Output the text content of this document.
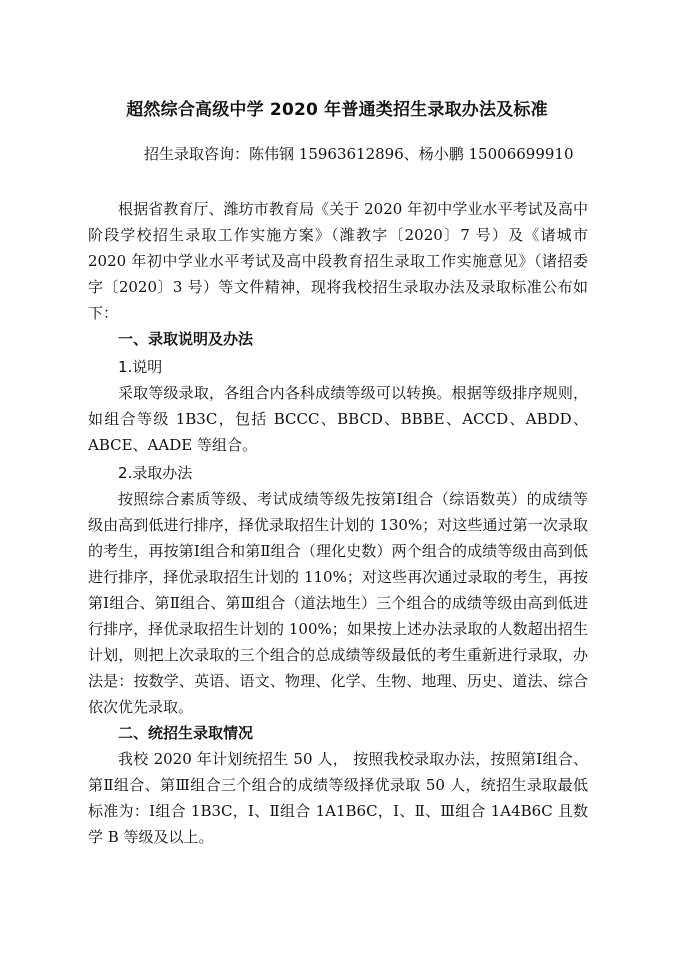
超然综合高级中学 2020 年普通类招生录取办法及标准
招生录取咨询：陈伟钢 15963612896、杨小鹏 15006699910

根据省教育厅、潍坊市教育局《关于 2020 年初中学业水平考试及高中阶段学校招生录取工作实施方案》（潍教字〔2020〕7 号）及《诸城市 2020 年初中学业水平考试及高中段教育招生录取工作实施意见》（诸招委字〔2020〕3 号）等文件精神，现将我校招生录取办法及录取标准公布如下：

一、录取说明及办法
1.说明

采取等级录取，各组合内各科成绩等级可以转换。根据等级排序规则，如组合等级 1B3C，包括 BCCC、BBCD、BBBE、ACCD、ABDD、ABCE、AADE 等组合。

2.录取办法

按照综合素质等级、考试成绩等级先按第Ⅰ组合（综语数英）的成绩等级由高到低进行排序，择优录取招生计划的 130%；对这些通过第一次录取的考生，再按第Ⅰ组合和第Ⅱ组合（理化史数）两个组合的成绩等级由高到低进行排序，择优录取招生计划的 110%；对这些再次通过录取的考生，再按第Ⅰ组合、第Ⅱ组合、第Ⅲ组合（道法地生）三个组合的成绩等级由高到低进行排序，择优录取招生计划的 100%；如果按上述办法录取的人数超出招生计划，则把上次录取的三个组合的总成绩等级最低的考生重新进行录取，办法是：按数学、英语、语文、物理、化学、生物、地理、历史、道法、综合依次优先录取。

二、统招生录取情况

我校 2020 年计划统招生 50 人， 按照我校录取办法，按照第Ⅰ组合、第Ⅱ组合、第Ⅲ组合三个组合的成绩等级择优录取 50 人，统招生录取最低标准为：Ⅰ组合 1B3C，Ⅰ、Ⅱ组合 1A1B6C，Ⅰ、Ⅱ、Ⅲ组合 1A4B6C 且数学 B 等级及以上。
